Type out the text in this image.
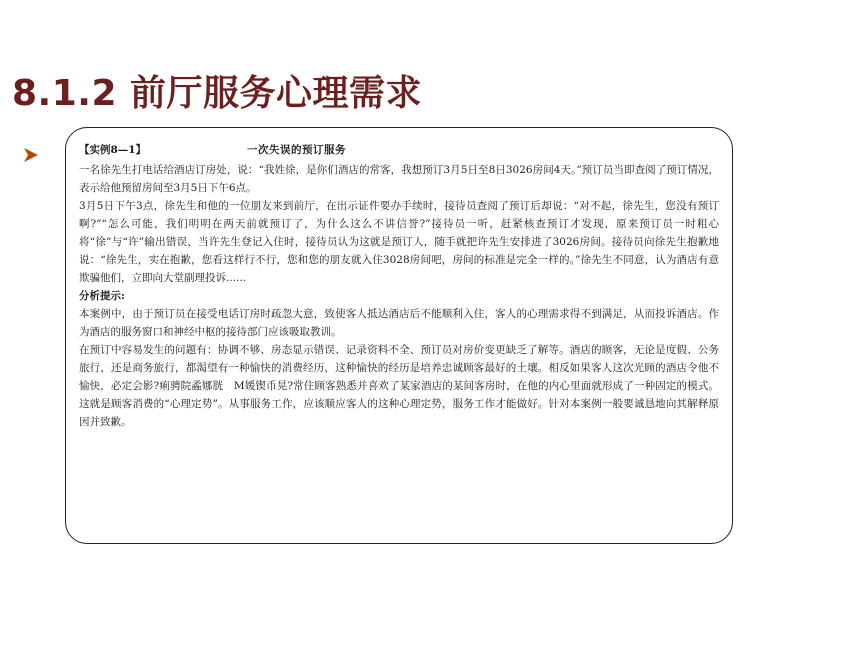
8.1.2 前厅服务心理需求
【实例8—1】	一次失误的预订服务

一名徐先生打电话给酒店订房处，说：“我姓徐，是你们酒店的常客，我想预订3月5日至8日3026房间4天。”预订员当即查阅了预订情况，表示给他预留房间至3月5日下午6点。

3月5日下午3点，徐先生和他的一位朋友来到前厅，在出示证件要办手续时，接待员查阅了预订后却说：“对不起，徐先生，您没有预订啊?”“怎么可能，我们明明在两天前就预订了，为什么这么不讲信誉?”接待员一听，赶紧核查预订才发现，原来预订员一时粗心将“徐”与“许”输出错误，当许先生登记入住时，接待员认为这就是预订人，随手就把许先生安排进了3026房间。接待员向徐先生抱歉地说：“徐先生，实在抱歉，您看这样行不行，您和您的朋友就入住3028房间吧，房间的标准是完全一样的。”徐先生不同意，认为酒店有意欺骗他们，立即向大堂副理投诉......

分析提示:

本案例中，由于预订员在接受电话订房时疏忽大意，致使客人抵达酒店后不能顺利入住，客人的心理需求得不到满足，从而投诉酒店。作为酒店的服务窗口和神经中枢的接待部门应该吸取教训。

在预订中容易发生的问题有：协调不够、房态显示错误、记录资料不全、预订员对房价变更缺乏了解等。酒店的顾客，无论是度假、公务旅行，还是商务旅行，都渴望有一种愉快的消费经历，这种愉快的经历是培养忠诚顾客最好的土壤。相反如果客人这次光顾的酒店令他不愉快，必定会影?痢骋院蟊娜胱　M媛锲币晃?常住顾客熟悉并喜欢了某家酒店的某间客房时，在他的内心里面就形成了一种固定的模式。这就是顾客消费的“心理定势”。从事服务工作，应该顺应客人的这种心理定势，服务工作才能做好。针对本案例一般要诚恳地向其解释原因并致歉。
